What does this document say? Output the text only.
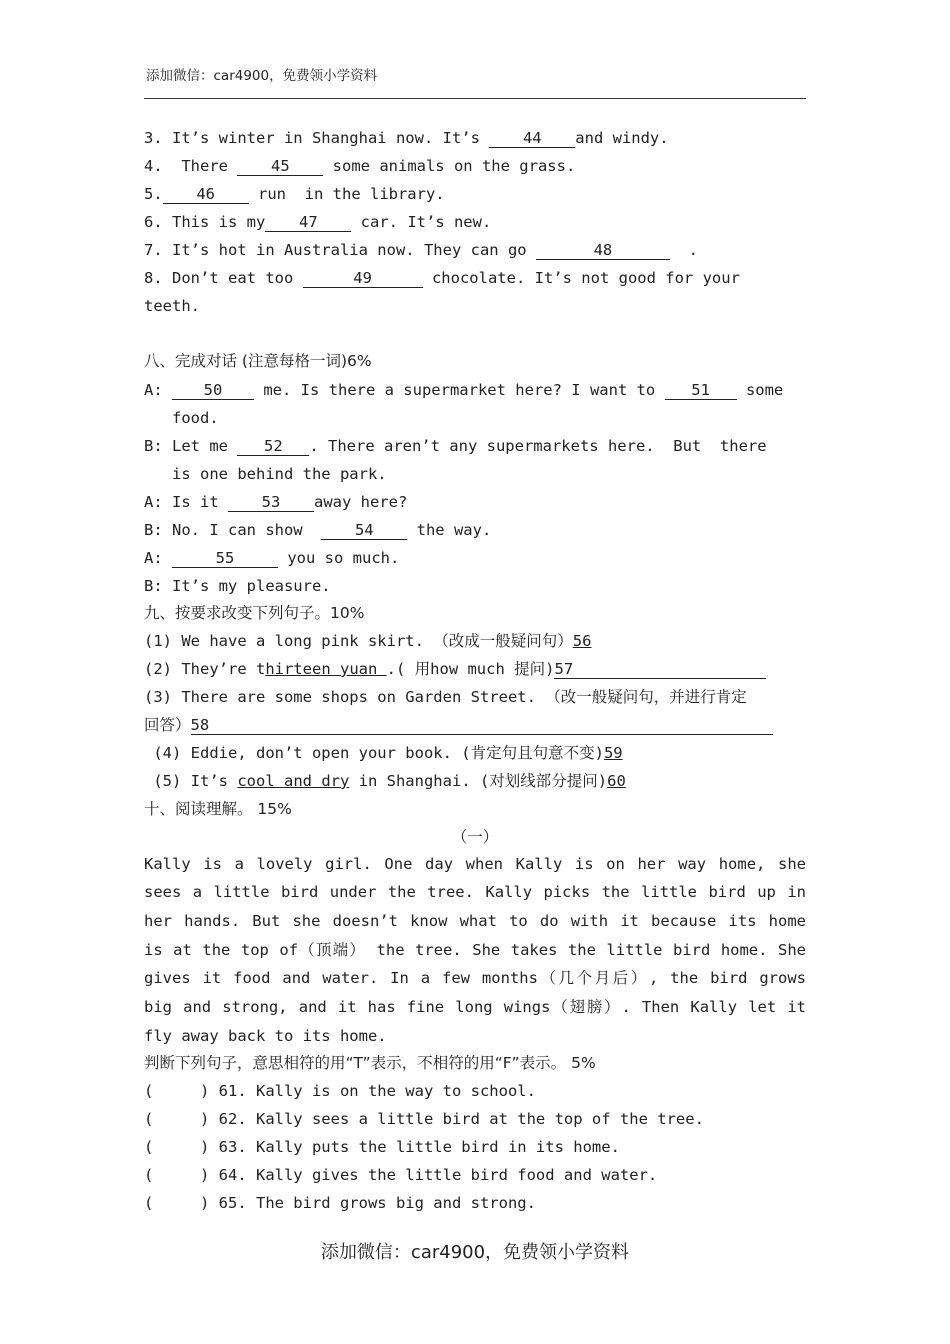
添加微信：car4900，免费领小学资料
3. It’s winter in Shanghai now. It’s 44 and windy.
4.  There 45 some animals on the grass.
5. 46 run  in the library.
6. This is my 47 car. It’s new.
7. It’s hot in Australia now. They can go	48	.
8. Don’t eat too	49	chocolate. It’s not good for your
teeth.
八、完成对话 (注意每格一词)6%
A: 50 me. Is there a supermarket here? I want to 51 some
food.
B: Let me 52 . There aren’t any supermarkets here.  But  there
is one behind the park.
A: Is it 53 away here?
B: No. I can show  54 the way.
A:	55	you so much.
B: It’s my pleasure.
九、按要求改变下列句子。10%
(1) We have a long pink skirt. （改成一般疑问句）56
(2) They’re thirteen yuan .( 用how much 提问)57
(3) There are some shops on Garden Street. （改一般疑问句，并进行肯定
回答）58
(4) Eddie, don’t open your book. (肯定句且句意不变)59
(5) It’s cool and dry in Shanghai. (对划线部分提问)60
十、阅读理解。 15%
（一）
Kally is a lovely girl. One day when Kally is on her way home, she
sees a little bird under the tree. Kally picks the little bird up in
her hands. But she doesn’t know what to do with it because its home
is at the top of（顶端） the tree. She takes the little bird home. She
gives it food and water. In a few months（几个月后）, the bird grows
big and strong, and it has fine long wings（翅膀）. Then Kally let it
fly away back to its home.
判断下列句子，意思相符的用“T”表示，不相符的用“F”表示。 5%
(     ) 61. Kally is on the way to school.
(     ) 62. Kally sees a little bird at the top of the tree.
(     ) 63. Kally puts the little bird in its home.
(     ) 64. Kally gives the little bird food and water.
(     ) 65. The bird grows big and strong.
添加微信：car4900，免费领小学资料
